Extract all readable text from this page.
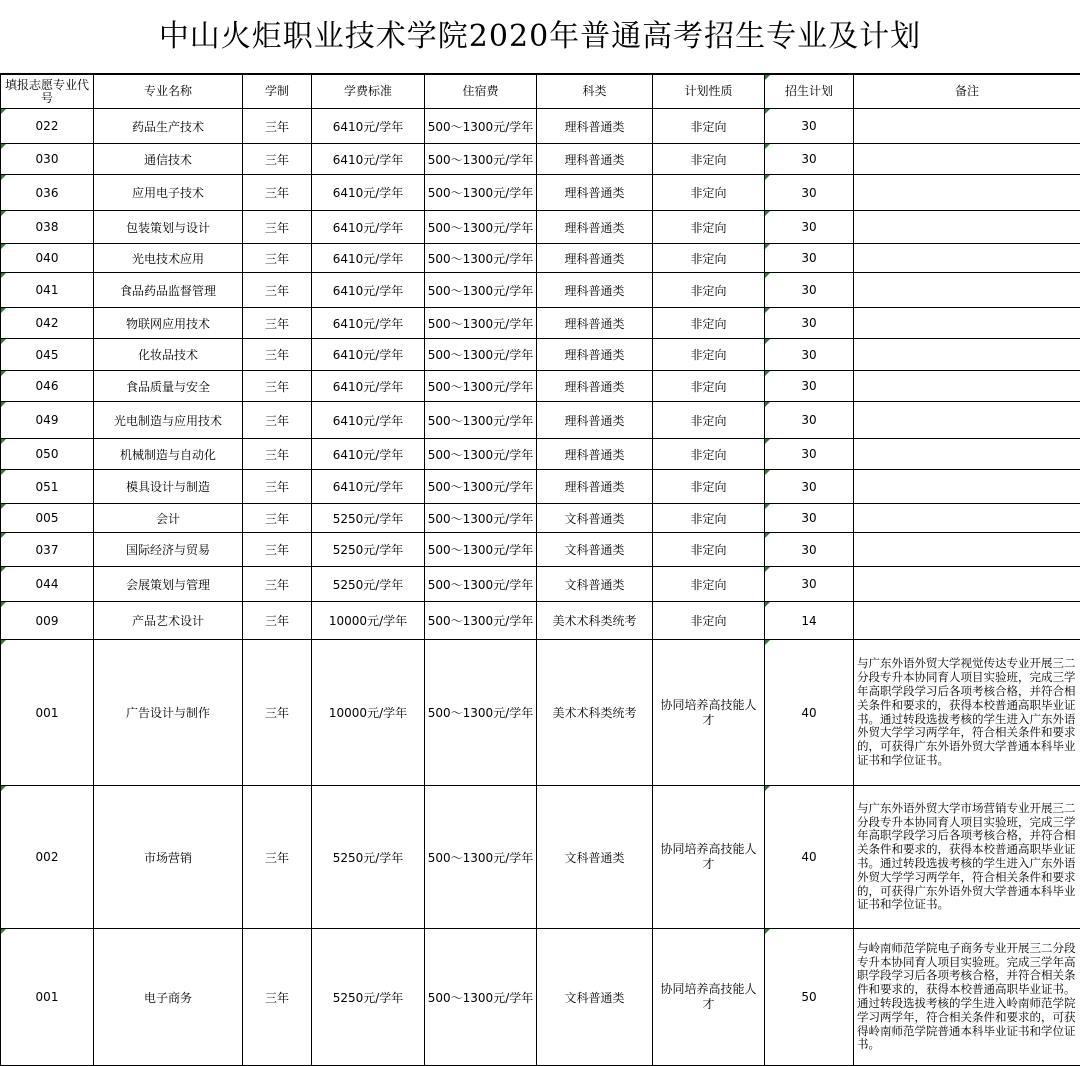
中山火炬职业技术学院2020年普通高考招生专业及计划
填报志愿专业代号	专业名称	学制	学费标准	住宿费	科类	计划性质	招生计划	备注
022	药品生产技术	三年	6410元/学年	500～1300元/学年	理科普通类	非定向	30	
030	通信技术	三年	6410元/学年	500～1300元/学年	理科普通类	非定向	30	
036	应用电子技术	三年	6410元/学年	500～1300元/学年	理科普通类	非定向	30	
038	包装策划与设计	三年	6410元/学年	500～1300元/学年	理科普通类	非定向	30	
040	光电技术应用	三年	6410元/学年	500～1300元/学年	理科普通类	非定向	30	
041	食品药品监督管理	三年	6410元/学年	500～1300元/学年	理科普通类	非定向	30	
042	物联网应用技术	三年	6410元/学年	500～1300元/学年	理科普通类	非定向	30	
045	化妆品技术	三年	6410元/学年	500～1300元/学年	理科普通类	非定向	30	
046	食品质量与安全	三年	6410元/学年	500～1300元/学年	理科普通类	非定向	30	
049	光电制造与应用技术	三年	6410元/学年	500～1300元/学年	理科普通类	非定向	30	
050	机械制造与自动化	三年	6410元/学年	500～1300元/学年	理科普通类	非定向	30	
051	模具设计与制造	三年	6410元/学年	500～1300元/学年	理科普通类	非定向	30	
005	会计	三年	5250元/学年	500～1300元/学年	文科普通类	非定向	30	
037	国际经济与贸易	三年	5250元/学年	500～1300元/学年	文科普通类	非定向	30	
044	会展策划与管理	三年	5250元/学年	500～1300元/学年	文科普通类	非定向	30	
009	产品艺术设计	三年	10000元/学年	500～1300元/学年	美术术科类统考	非定向	14	
001	广告设计与制作	三年	10000元/学年	500～1300元/学年	美术术科类统考	协同培养高技能人才	40	与广东外语外贸大学视觉传达专业开展三二分段专升本协同育人项目实验班，完成三学年高职学段学习后各项考核合格，并符合相关条件和要求的，获得本校普通高职毕业证书。通过转段选拔考核的学生进入广东外语外贸大学学习两学年，符合相关条件和要求的，可获得广东外语外贸大学普通本科毕业证书和学位证书。
002	市场营销	三年	5250元/学年	500～1300元/学年	文科普通类	协同培养高技能人才	40	与广东外语外贸大学市场营销专业开展三二分段专升本协同育人项目实验班，完成三学年高职学段学习后各项考核合格，并符合相关条件和要求的，获得本校普通高职毕业证书。通过转段选拔考核的学生进入广东外语外贸大学学习两学年，符合相关条件和要求的，可获得广东外语外贸大学普通本科毕业证书和学位证书。
001	电子商务	三年	5250元/学年	500～1300元/学年	文科普通类	协同培养高技能人才	50	与岭南师范学院电子商务专业开展三二分段专升本协同育人项目实验班。完成三学年高职学段学习后各项考核合格，并符合相关条件和要求的，获得本校普通高职毕业证书。通过转段选拔考核的学生进入岭南师范学院学习两学年，符合相关条件和要求的，可获得岭南师范学院普通本科毕业证书和学位证书。
